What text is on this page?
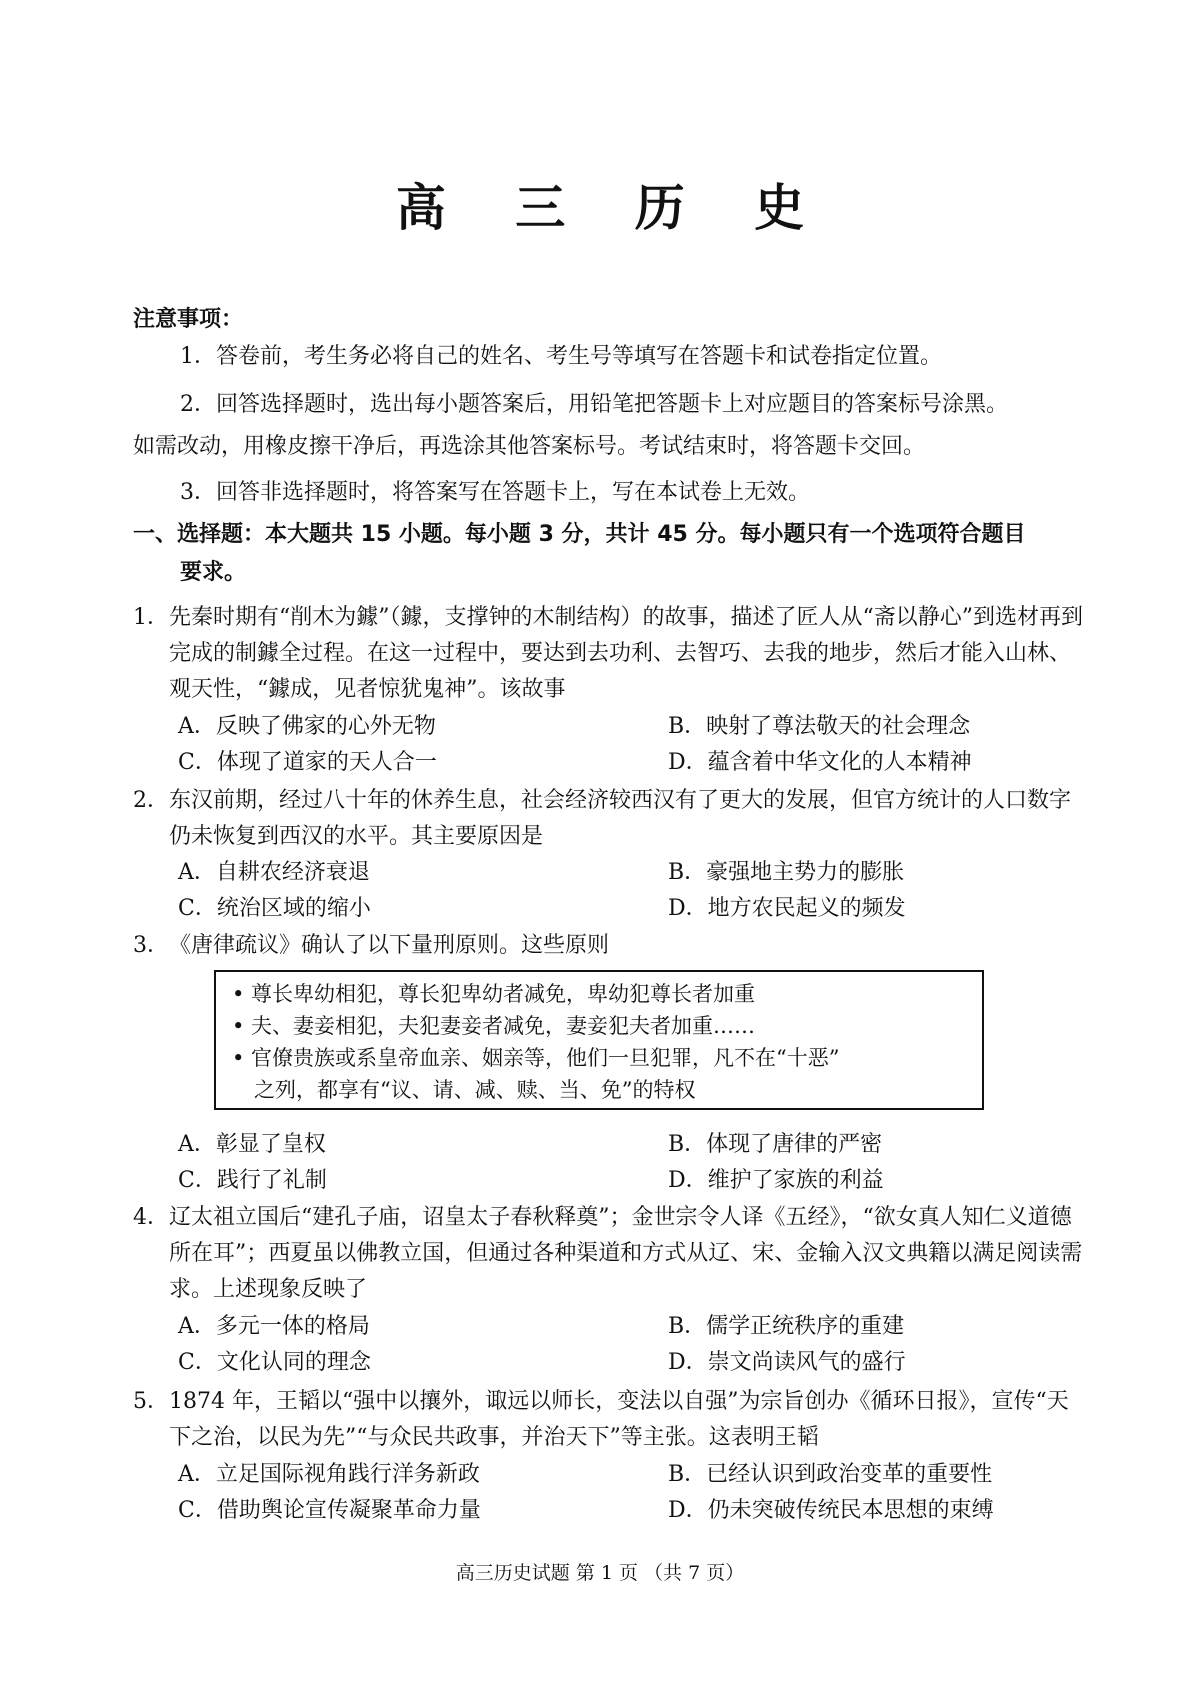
高 三 历 史
注意事项：
1．答卷前，考生务必将自己的姓名、考生号等填写在答题卡和试卷指定位置。
2．回答选择题时，选出每小题答案后，用铅笔把答题卡上对应题目的答案标号涂黑。
如需改动，用橡皮擦干净后，再选涂其他答案标号。考试结束时，将答题卡交回。
3．回答非选择题时，将答案写在答题卡上，写在本试卷上无效。
一、选择题：本大题共 15 小题。每小题 3 分，共计 45 分。每小题只有一个选项符合题目
要求。
1． 先秦时期有“削木为鐻”（鐻，支撑钟的木制结构）的故事，描述了匠人从“斋以静心”到选材再到完成的制鐻全过程。在这一过程中，要达到去功利、去智巧、去我的地步，然后才能入山林、观天性，“鐻成，见者惊犹鬼神”。该故事
A．反映了佛家的心外无物	B．映射了尊法敬天的社会理念
C．体现了道家的天人合一	D．蕴含着中华文化的人本精神
2． 东汉前期，经过八十年的休养生息，社会经济较西汉有了更大的发展，但官方统计的人口数字仍未恢复到西汉的水平。其主要原因是
A．自耕农经济衰退	B．豪强地主势力的膨胀
C．统治区域的缩小	D．地方农民起义的频发
3． 《唐律疏议》确认了以下量刑原则。这些原则
• 尊长卑幼相犯，尊长犯卑幼者减免，卑幼犯尊长者加重
• 夫、妻妾相犯，夫犯妻妾者减免，妻妾犯夫者加重……
• 官僚贵族或系皇帝血亲、姻亲等，他们一旦犯罪，凡不在“十恶”
之列，都享有“议、请、减、赎、当、免”的特权
A．彰显了皇权	B．体现了唐律的严密
C．践行了礼制	D．维护了家族的利益
4． 辽太祖立国后“建孔子庙，诏皇太子春秋释奠”；金世宗令人译《五经》，“欲女真人知仁义道德所在耳”；西夏虽以佛教立国，但通过各种渠道和方式从辽、宋、金输入汉文典籍以满足阅读需求。上述现象反映了
A．多元一体的格局	B．儒学正统秩序的重建
C．文化认同的理念	D．崇文尚读风气的盛行
5． 1874 年，王韬以“强中以攘外，诹远以师长，变法以自强”为宗旨创办《循环日报》，宣传“天下之治，以民为先”“与众民共政事，并治天下”等主张。这表明王韬
A．立足国际视角践行洋务新政	B．已经认识到政治变革的重要性
C．借助舆论宣传凝聚革命力量	D．仍未突破传统民本思想的束缚
高三历史试题 第 1 页 （共 7 页）
